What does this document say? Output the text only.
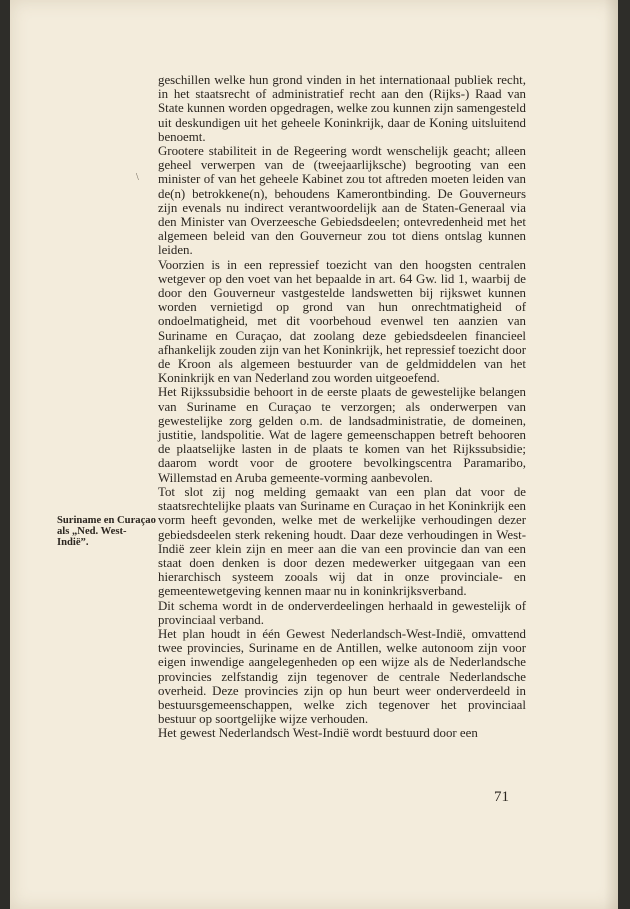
\
Suriname en Curaçao als „Ned. West-Indië”.

geschillen welke hun grond vinden in het internationaal publiek recht, in het staatsrecht of administratief recht aan den (Rijks-) Raad van State kunnen worden opgedragen, welke zou kunnen zijn samengesteld uit deskundigen uit het geheele Koninkrijk, daar de Koning uitsluitend benoemt.

Grootere stabiliteit in de Regeering wordt wenschelijk geacht; alleen geheel verwerpen van de (tweejaarlijksche) begrooting van een minister of van het geheele Kabinet zou tot aftreden moeten leiden van de(n) betrokkene(n), behoudens Kamerontbinding. De Gouverneurs zijn evenals nu indirect verantwoordelijk aan de Staten-Generaal via den Minister van Overzeesche Gebiedsdeelen; ontevredenheid met het algemeen beleid van den Gouverneur zou tot diens ontslag kunnen leiden.

Voorzien is in een repressief toezicht van den hoogsten centralen wetgever op den voet van het bepaalde in art. 64 Gw. lid 1, waarbij de door den Gouverneur vastgestelde landswetten bij rijkswet kunnen worden vernietigd op grond van hun onrechtmatigheid of ondoelmatigheid, met dit voorbehoud evenwel ten aanzien van Suriname en Curaçao, dat zoolang deze gebiedsdeelen financieel afhankelijk zouden zijn van het Koninkrijk, het repressief toezicht door de Kroon als algemeen bestuurder van de geldmiddelen van het Koninkrijk en van Nederland zou worden uitgeoefend.

Het Rijkssubsidie behoort in de eerste plaats de gewestelijke belangen van Suriname en Curaçao te verzorgen; als onderwerpen van gewestelijke zorg gelden o.m. de landsadministratie, de domeinen, justitie, landspolitie. Wat de lagere gemeenschappen betreft behooren de plaatselijke lasten in de plaats te komen van het Rijkssubsidie; daarom wordt voor de grootere bevolkingscentra Paramaribo, Willemstad en Aruba gemeente-vorming aanbevolen.

Tot slot zij nog melding gemaakt van een plan dat voor de staatsrechtelijke plaats van Suriname en Curaçao in het Koninkrijk een vorm heeft gevonden, welke met de werkelijke verhoudingen dezer gebiedsdeelen sterk rekening houdt. Daar deze verhoudingen in West-Indië zeer klein zijn en meer aan die van een provincie dan van een staat doen denken is door dezen medewerker uitgegaan van een hierarchisch systeem zooals wij dat in onze provinciale- en gemeentewetgeving kennen maar nu in koninkrijksverband.

Dit schema wordt in de onderverdeelingen herhaald in gewestelijk of provinciaal verband.

Het plan houdt in één Gewest Nederlandsch-West-Indië, omvattend twee provincies, Suriname en de Antillen, welke autonoom zijn voor eigen inwendige aangelegenheden op een wijze als de Nederlandsche provincies zelfstandig zijn tegenover de centrale Nederlandsche overheid. Deze provincies zijn op hun beurt weer onderverdeeld in bestuursgemeenschappen, welke zich tegenover het provinciaal bestuur op soortgelijke wijze verhouden.

Het gewest Nederlandsch West-Indië wordt bestuurd door een

71
